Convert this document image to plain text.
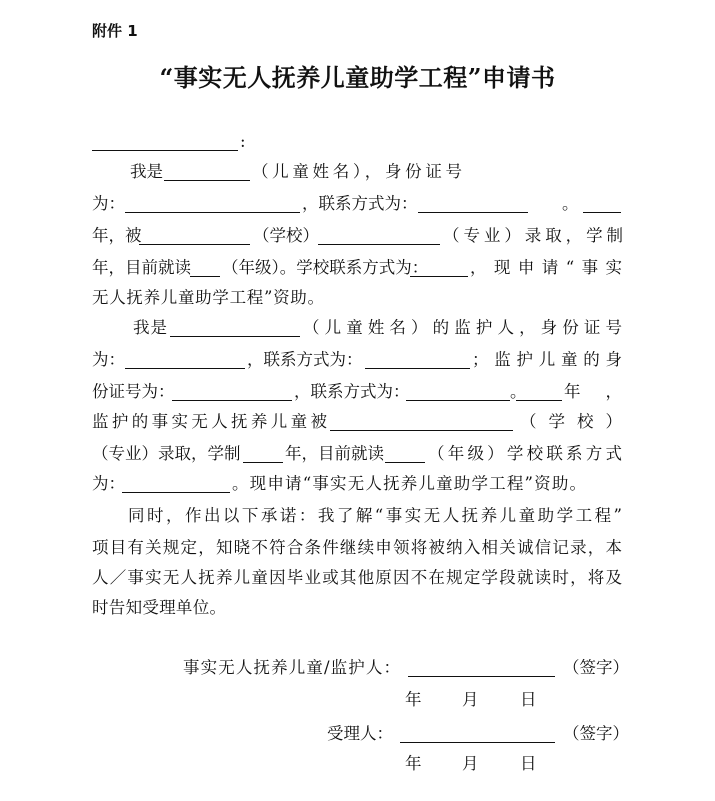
附件 1
“事实无人抚养儿童助学工程”申请书
:
我是	（儿童姓名），身份证号
为：	，联系方式为：	。
年，被	（学校）	（专业）录取，学制
年，目前就读 （年级）。学校联系方式为：	，现申请“事实
无人抚养儿童助学工程”资助。
我是	（儿童姓名）的监护人，身份证号
为：	，联系方式为：	；监护儿童的身
份证号为：	，联系方式为：	。 年，
监护的事实无人抚养儿童被	（学校）
（专业）录取，学制	年，目前就读	（年级）学校联系方式
为：	。现申请“事实无人抚养儿童助学工程”资助。
同时，作出以下承诺：我了解“事实无人抚养儿童助学工程”
项目有关规定，知晓不符合条件继续申领将被纳入相关诚信记录，本
人／事实无人抚养儿童因毕业或其他原因不在规定学段就读时，将及
时告知受理单位。
事实无人抚养儿童/监护人：	（签字）
年 月	日
受理人：	（签字）
年 月	日
